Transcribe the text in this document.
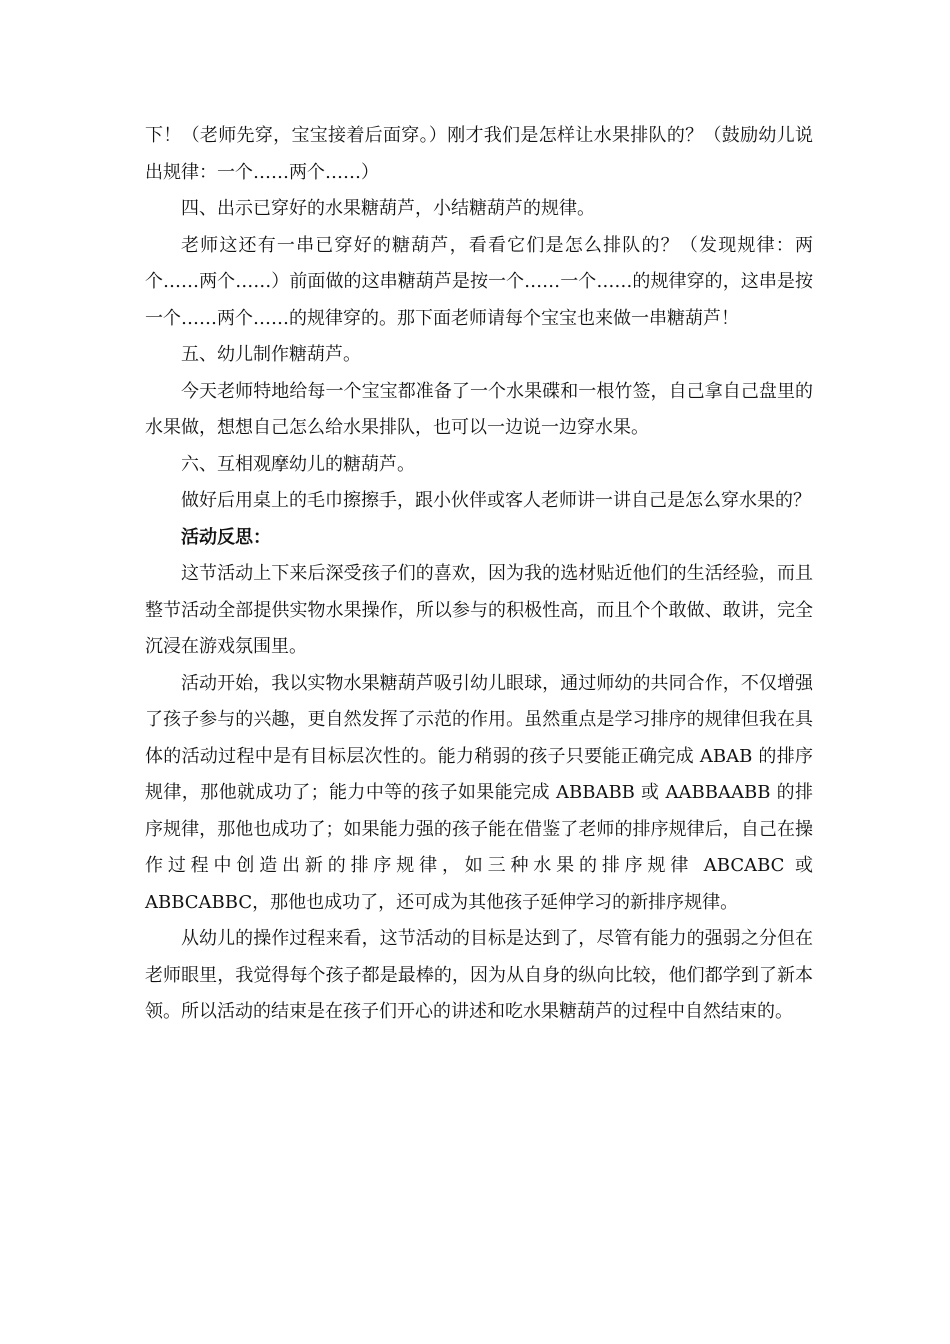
下！（老师先穿，宝宝接着后面穿。）刚才我们是怎样让水果排队的？（鼓励幼儿说出规律：一个……两个……）

四、出示已穿好的水果糖葫芦，小结糖葫芦的规律。

老师这还有一串已穿好的糖葫芦，看看它们是怎么排队的？（发现规律：两个……两个……）前面做的这串糖葫芦是按一个……一个……的规律穿的，这串是按一个……两个……的规律穿的。那下面老师请每个宝宝也来做一串糖葫芦！

五、幼儿制作糖葫芦。

今天老师特地给每一个宝宝都准备了一个水果碟和一根竹签，自己拿自己盘里的水果做，想想自己怎么给水果排队，也可以一边说一边穿水果。

六、互相观摩幼儿的糖葫芦。

做好后用桌上的毛巾擦擦手，跟小伙伴或客人老师讲一讲自己是怎么穿水果的？

活动反思：

这节活动上下来后深受孩子们的喜欢，因为我的选材贴近他们的生活经验，而且整节活动全部提供实物水果操作，所以参与的积极性高，而且个个敢做、敢讲，完全沉浸在游戏氛围里。

活动开始，我以实物水果糖葫芦吸引幼儿眼球，通过师幼的共同合作，不仅增强了孩子参与的兴趣，更自然发挥了示范的作用。虽然重点是学习排序的规律但我在具体的活动过程中是有目标层次性的。能力稍弱的孩子只要能正确完成 ABAB 的排序规律，那他就成功了；能力中等的孩子如果能完成 ABBABB 或 AABBAABB 的排序规律，那他也成功了；如果能力强的孩子能在借鉴了老师的排序规律后，自己在操作过程中创造出新的排序规律，如三种水果的排序规律 ABCABC 或 ABBCABBC，那他也成功了，还可成为其他孩子延伸学习的新排序规律。

从幼儿的操作过程来看，这节活动的目标是达到了，尽管有能力的强弱之分但在老师眼里，我觉得每个孩子都是最棒的，因为从自身的纵向比较，他们都学到了新本领。所以活动的结束是在孩子们开心的讲述和吃水果糖葫芦的过程中自然结束的。
